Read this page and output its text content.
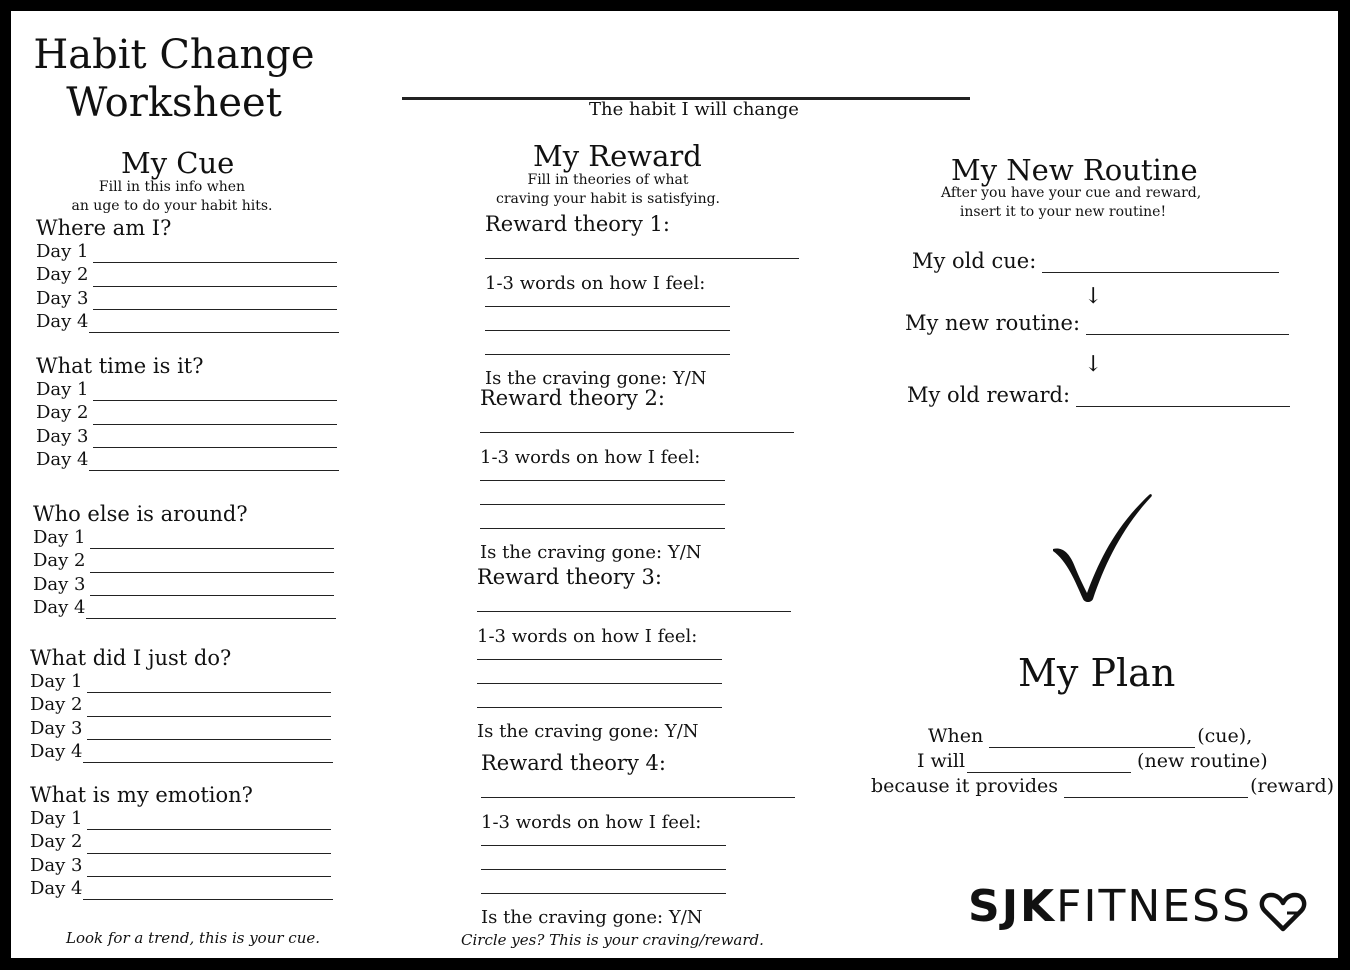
Habit Change
Worksheet	The habit I will change
My Cue
Fill in this info when
an uge to do your habit hits.
Where am I?
Day 1
Day 2
Day 3
Day 4
What time is it?
Day 1
Day 2
Day 3
Day 4
Who else is around?
Day 1
Day 2
Day 3
Day 4
What did I just do?
Day 1
Day 2
Day 3
Day 4
What is my emotion?
Day 1
Day 2
Day 3
Day 4
Look for a trend, this is your cue.
My Reward
Fill in theories of what
craving your habit is satisfying.
Reward theory 1:
1-3 words on how I feel:
Is the craving gone: Y/N
Reward theory 2:
1-3 words on how I feel:
Is the craving gone: Y/N
Reward theory 3:
1-3 words on how I feel:
Is the craving gone: Y/N
Reward theory 4:
1-3 words on how I feel:
Is the craving gone: Y/N
Circle yes? This is your craving/reward.
My New Routine
After you have your cue and reward,
insert it to your new routine!
My old cue:
↓
My new routine:
↓
My old reward:
My Plan
When	(cue),
I will	(new routine)
because it provides	(reward)
SJKFITNESS
